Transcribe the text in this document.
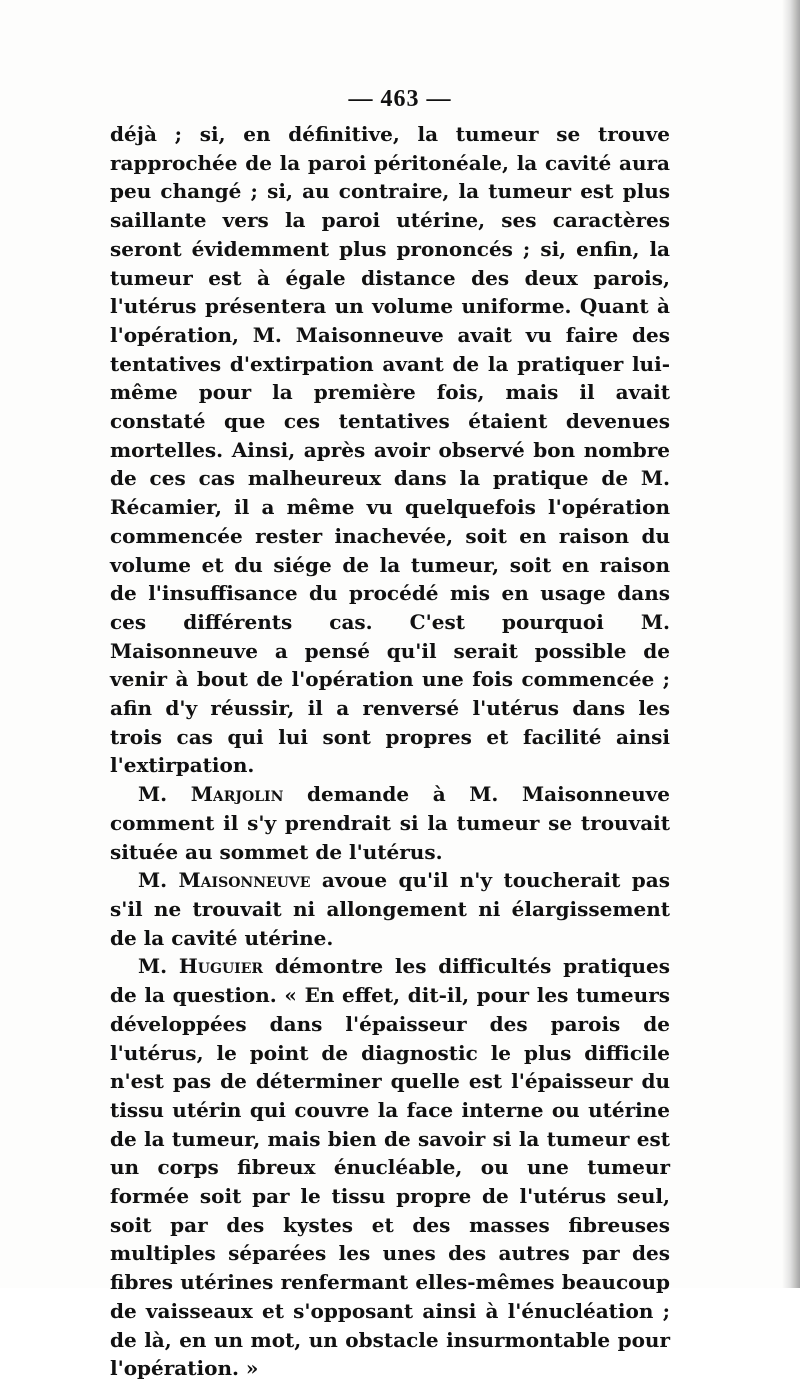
— 463 —

déjà ; si, en définitive, la tumeur se trouve rapprochée de la paroi péritonéale, la cavité aura peu changé ; si, au contraire, la tumeur est plus saillante vers la paroi utérine, ses caractères seront évidemment plus prononcés ; si, enfin, la tumeur est à égale distance des deux parois, l'utérus présentera un volume uniforme. Quant à l'opération, M. Maisonneuve avait vu faire des tentatives d'extirpation avant de la pratiquer lui-même pour la première fois, mais il avait constaté que ces tentatives étaient devenues mortelles. Ainsi, après avoir observé bon nombre de ces cas malheureux dans la pratique de M. Récamier, il a même vu quelquefois l'opération commencée rester inachevée, soit en raison du volume et du siége de la tumeur, soit en raison de l'insuffisance du procédé mis en usage dans ces différents cas. C'est pourquoi M. Maisonneuve a pensé qu'il serait possible de venir à bout de l'opération une fois commencée ; afin d'y réussir, il a renversé l'utérus dans les trois cas qui lui sont propres et facilité ainsi l'extirpation.

M. Marjolin demande à M. Maisonneuve comment il s'y prendrait si la tumeur se trouvait située au sommet de l'utérus.

M. Maisonneuve avoue qu'il n'y toucherait pas s'il ne trouvait ni allongement ni élargissement de la cavité utérine.

M. Huguier démontre les difficultés pratiques de la question. « En effet, dit-il, pour les tumeurs développées dans l'épaisseur des parois de l'utérus, le point de diagnostic le plus difficile n'est pas de déterminer quelle est l'épaisseur du tissu utérin qui couvre la face interne ou utérine de la tumeur, mais bien de savoir si la tumeur est un corps fibreux énucléable, ou une tumeur formée soit par le tissu propre de l'utérus seul, soit par des kystes et des masses fibreuses multiples séparées les unes des autres par des fibres utérines renfermant elles-mêmes beaucoup de vaisseaux et s'opposant ainsi à l'énucléation ; de là, en un mot, un obstacle insurmontable pour l'opération. »
